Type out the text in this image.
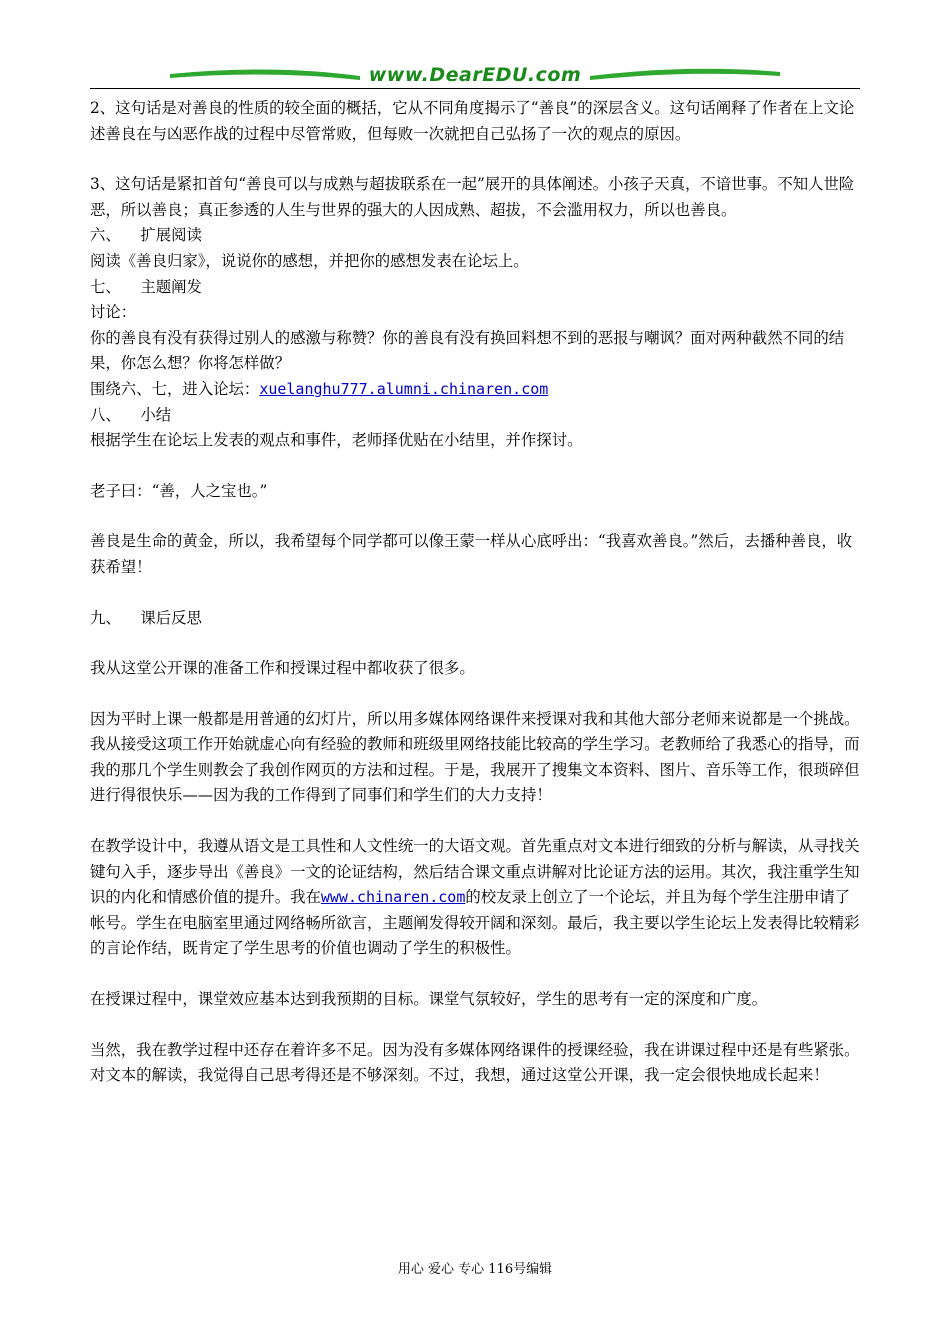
www.DearEDU.com

2、这句话是对善良的性质的较全面的概括，它从不同角度揭示了“善良”的深层含义。这句话阐释了作者在上文论述善良在与凶恶作战的过程中尽管常败，但每败一次就把自己弘扬了一次的观点的原因。

3、这句话是紧扣首句“善良可以与成熟与超拔联系在一起”展开的具体阐述。小孩子天真，不谙世事。不知人世险恶，所以善良；真正参透的人生与世界的强大的人因成熟、超拔，不会滥用权力，所以也善良。

六、 扩展阅读

阅读《善良归家》，说说你的感想，并把你的感想发表在论坛上。

七、 主题阐发

讨论：

你的善良有没有获得过别人的感激与称赞？你的善良有没有换回料想不到的恶报与嘲讽？面对两种截然不同的结果，你怎么想？你将怎样做？

围绕六、七，进入论坛：xuelanghu777.alumni.chinaren.com

八、 小结

根据学生在论坛上发表的观点和事件，老师择优贴在小结里，并作探讨。

老子曰：“善，人之宝也。”

善良是生命的黄金，所以，我希望每个同学都可以像王蒙一样从心底呼出：“我喜欢善良。”然后，去播种善良，收获希望！

九、 课后反思

我从这堂公开课的准备工作和授课过程中都收获了很多。

因为平时上课一般都是用普通的幻灯片，所以用多媒体网络课件来授课对我和其他大部分老师来说都是一个挑战。我从接受这项工作开始就虚心向有经验的教师和班级里网络技能比较高的学生学习。老教师给了我悉心的指导，而我的那几个学生则教会了我创作网页的方法和过程。于是，我展开了搜集文本资料、图片、音乐等工作，很琐碎但进行得很快乐——因为我的工作得到了同事们和学生们的大力支持！

在教学设计中，我遵从语文是工具性和人文性统一的大语文观。首先重点对文本进行细致的分析与解读，从寻找关键句入手，逐步导出《善良》一文的论证结构，然后结合课文重点讲解对比论证方法的运用。其次，我注重学生知识的内化和情感价值的提升。我在www.chinaren.com的校友录上创立了一个论坛，并且为每个学生注册申请了帐号。学生在电脑室里通过网络畅所欲言，主题阐发得较开阔和深刻。最后，我主要以学生论坛上发表得比较精彩的言论作结，既肯定了学生思考的价值也调动了学生的积极性。

在授课过程中，课堂效应基本达到我预期的目标。课堂气氛较好，学生的思考有一定的深度和广度。

当然，我在教学过程中还存在着许多不足。因为没有多媒体网络课件的授课经验，我在讲课过程中还是有些紧张。对文本的解读，我觉得自己思考得还是不够深刻。不过，我想，通过这堂公开课，我一定会很快地成长起来！

用心 爱心 专心 116号编辑
